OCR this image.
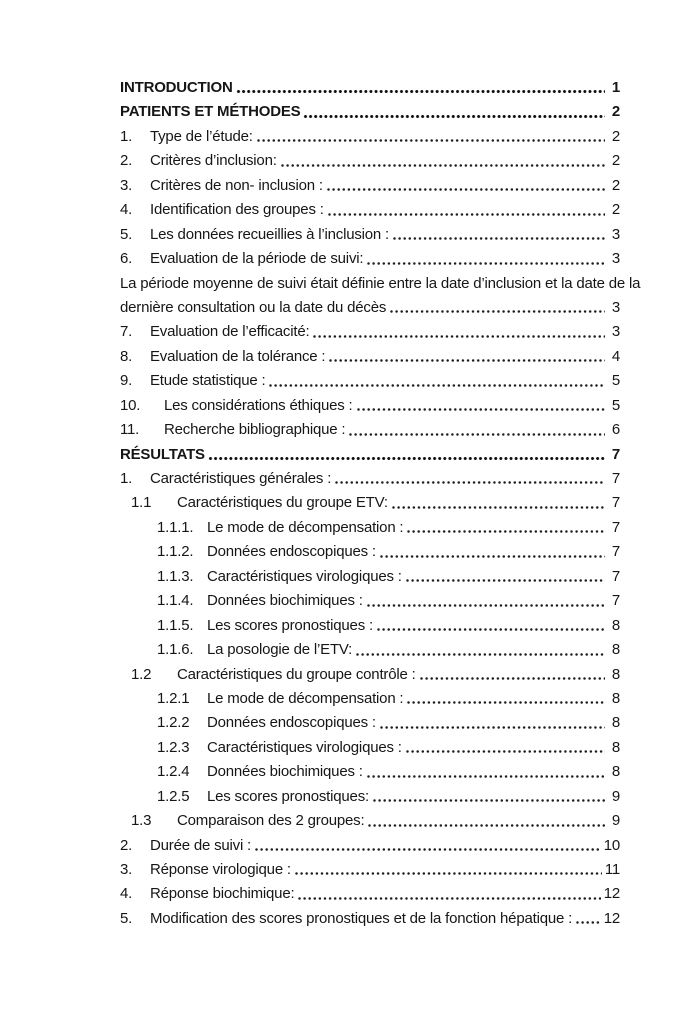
INTRODUCTION	1
PATIENTS ET MÉTHODES	2
1.	Type de l’étude:	2
2.	Critères d’inclusion:	2
3.	Critères de non- inclusion :	2
4.	Identification des groupes :	2
5.	Les données recueillies à l’inclusion :	3
6.	Evaluation de la période de suivi:	3
La période moyenne de suivi était définie entre la date d’inclusion et la date de la
dernière consultation ou la date du décès	3
7.	Evaluation de l’efficacité:	3
8.	Evaluation de la tolérance :	4
9.	Etude statistique :	5
10.	Les considérations éthiques :	5
11.	Recherche bibliographique :	6
RÉSULTATS	7
1.	Caractéristiques générales :	7
1.1	Caractéristiques du groupe ETV:	7
1.1.1. Le mode de décompensation :	7
1.1.2. Données endoscopiques :	7
1.1.3. Caractéristiques virologiques :	7
1.1.4. Données biochimiques :	7
1.1.5. Les scores pronostiques :	8
1.1.6. La posologie de l’ETV:	8
1.2	Caractéristiques du groupe contrôle :	8
1.2.1	Le mode de décompensation :	8
1.2.2	Données endoscopiques :	8
1.2.3	Caractéristiques virologiques :	8
1.2.4	Données biochimiques :	8
1.2.5	Les scores pronostiques:	9
1.3	Comparaison des 2 groupes:	9
2.	Durée de suivi :	10
3.	Réponse virologique :	11
4.	Réponse biochimique:	12
5.	Modification des scores pronostiques et de la fonction hépatique : 12
